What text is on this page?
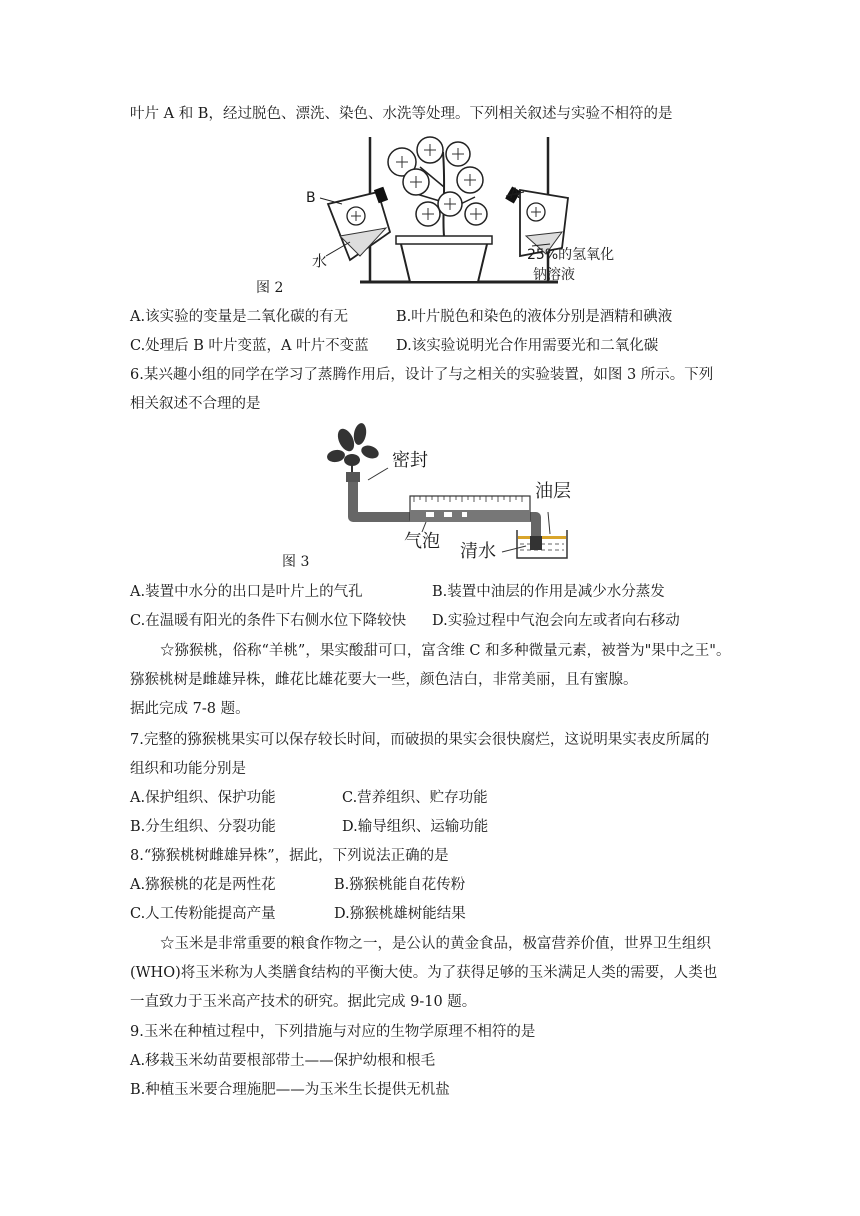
叶片 A 和 B，经过脱色、漂洗、染色、水洗等处理。下列相关叙述与实验不相符的是
B	A
水	25%的氢氧化
钠溶液
图 2
A.该实验的变量是二氧化碳的有无	B.叶片脱色和染色的液体分别是酒精和碘液
C.处理后 B 叶片变蓝，A 叶片不变蓝 D.该实验说明光合作用需要光和二氧化碳
6.某兴趣小组的同学在学习了蒸腾作用后，设计了与之相关的实验装置，如图 3 所示。下列
相关叙述不合理的是
密封
油层
气泡 清水
图 3
A.装置中水分的出口是叶片上的气孔	B.装置中油层的作用是减少水分蒸发
C.在温暖有阳光的条件下右侧水位下降较快 D.实验过程中气泡会向左或者向右移动
☆猕猴桃，俗称“羊桃”，果实酸甜可口，富含维 C 和多种微量元素，被誉为"果中之王"。
猕猴桃树是雌雄异株，雌花比雄花要大一些，颜色洁白，非常美丽，且有蜜腺。
据此完成 7-8 题。
7.完整的猕猴桃果实可以保存较长时间，而破损的果实会很快腐烂，这说明果实表皮所属的
组织和功能分别是
A.保护组织、保护功能	C.营养组织、贮存功能
B.分生组织、分裂功能	D.输导组织、运输功能
8.“猕猴桃树雌雄异株”，据此，下列说法正确的是
A.猕猴桃的花是两性花	B.猕猴桃能自花传粉
C.人工传粉能提高产量	D.猕猴桃雄树能结果
☆玉米是非常重要的粮食作物之一，是公认的黄金食品，极富营养价值，世界卫生组织
(WHO)将玉米称为人类膳食结构的平衡大使。为了获得足够的玉米满足人类的需要，人类也
一直致力于玉米高产技术的研究。据此完成 9-10 题。
9.玉米在种植过程中，下列措施与对应的生物学原理不相符的是
A.移栽玉米幼苗要根部带土——保护幼根和根毛
B.种植玉米要合理施肥——为玉米生长提供无机盐
